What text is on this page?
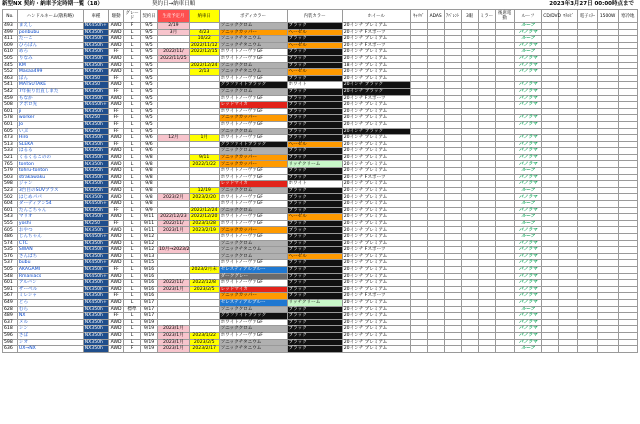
新型NX 契約・納車予定時期一覧（18）	契約日→納車日順	2023年3月27日 00:00時点まで
No.	ハンドルネーム(敬称略)	車種	駆動	グレード	契約日	生産予定月	納車日	ボディカラー	内装カラー	ホイール	ｷｬﾘﾊﾟ	ADAS	ｱﾊﾟﾚﾝﾄ	3眼	ミラー	後席電動	ルーフ	CD/DVD	ﾏﾗﾙﾋﾞ	電子ﾐﾗｰ	1500W	寒冷地
493	まえし	NX450h+	AWD	F	9/5	2/19		ソニッククロム	ブラック	20インチ プレミアム							ルーフ					
499	ponbubu	NX350h	AWD	L	9/5	3月	4/23	ソニックカッパー	ヘーゼル	20インチ Fスポーツ							パノラマ					
411	たーこ	NX350h	AWD	L	9/5		10/22	ソニックチタニウム	ブラック	20インチ プレミアム							ルーフ					
609	ひろぽん	NX350h	AWD	L	9/5		2022/11/12	ソニックチタニウム	ヘーゼル	20インチ Fスポーツ							パノラマ					
610	めろ	NX350h	FF	L	9/5	2022/11/	2022/12/15	ホワイトノーヴァGF	ブラック	20インチ プレミアム							ルーフ					
505	りなみ	NX350h	AWD	L	9/5	2022/11/25		ホワイトノーヴァGF	ブラック	20インチ プレミアム							パノラマ					
445	KM	NX350h	AWD	L	9/5		2022/12/24	ソニッククロム	ブラック	18インチ プレミアム							パノラマ					
552	Masaa499	NX350h	AWD	L	9/5		2/13	ソニックチタニウム	ヘーゼル	20インチ プレミアム							パノラマ					
463	ぼん	NX350	FF	L	9/5			ホワイトノーヴァGF	ブラック	20インチ プレミアム												
541	MATSUTAKE	NX350	AWD	L	9/5			グラファイトブラック	ホワイト	20インチ ブラック							パノラマ					
542	7年振り出直しまた	NX350h	FF	L	9/5			ソニッククロム	ブラック	20インチ ブラック							パノラマ					
459	もなか	NX350h	AWD	L	9/5			ホワイトノーヴァGF	ブラック	20インチ Fスポーツ							パノラマ					
508	アポロ先	NX450h+	AWD	L	9/5			レッドマイカ	ブラック	20インチ プレミアム							パノラマ					
601	ji	NX350h	FF	L	9/5			ホワイトノーヴァGF	ブラック	20インチ プレミアム												
578	worker	NX250	FF	L	9/5			ソニックカッパー	ブラック	20インチ プレミアム							パノラマ					
601	Jo	NX350h	FF	L	9/5			ホワイトノーヴァGF	ブラック	20インチ プレミアム							パノラマ					
605	いぶ	NX250	FF	L	9/5			ソニッククロム	ブラック	20インチ ブラック												
473	Hiro	NX350h	AWD	L	9/6	12月	1月	ホワイトノーヴァGF	ブラック	20インチ プレミアム							パノラマ					
513	SLEKA	NX350h	FF	L	9/6			グラファイトブラック	ヘーゼル	20インチ プレミアム							パノラマ					
533	はるる	NX350h	AWD	L	9/6			ソニッククロム	ブラック	20インチ プレミアム							パノラマ					
521	くるくるこのの	NX350h	AWD	L	9/8		9/11	ソニックカッパー	ブラック	20インチ プレミアム							パノラマ					
765	tonton	NX350h	AWD	L	9/8		2022/1/22	ソニックカッパー	リッチクリーム	20インチ プレミアム							パノラマ					
579	tohru-tonton	NX350h	AWD	L	9/8			ホワイトノーヴァGF	ブラック	20インチ プレミアム							ルーフ					
503	strakawaku	NX350h	AWD	L	9/8			ホワイトノーヴァGF	ブラック	20インチ Fスポーツ							パノラマ					
598	ジャン	NX350h	AWD	L	9/8			レッドマイカ	ホワイト	20インチ プレミアム							パノラマ					
523	3台目のSUVプラス	NX350h	AWD	L	9/8		12/19	ソニッククロム	ブラック	20インチ プレミアム							ルーフ					
502	はじめパパ	NX350h	AWD	L	9/8	2023/2月	2023/2/20	ホワイトノーヴァGF	ブラック	20インチ プレミアム							パノラマ					
604	ダーディアン54	NX450h+	AWD	L	9/8			ホワイトノーヴァGF	ブラック	20インチ プレミアム							ルーフ					
601	たんごちゃん	NX350h	FF	L	9/9		2022/12/24	ソニッククロム	ブラック	20インチ プレミアム							パノラマ					
543	マリオ	NX350h	AWD	L	9/11	2022/12/23	2022/12/20	ホワイトノーヴァGF	ヘーゼル	20インチ プレミアム							ルーフ					
555	yoshi	NX250	FF	L	9/11	2022/11/	2023/1/28	ホワイトノーヴァGF	ブラック	20インチ プレミアム							ルーフ					
605	おやつ	NX350h	AWD	L	9/11	2023/1月	2023/2/19	ソニックカッパー	ブラック	20インチ プレミアム							パノラマ					
486	じんちゃん	NX450h+	AWD	L	9/12			ホワイトノーヴァGF	ブラック	20インチ プレミアム							ルーフ					
574	CTC	NX350h	AWD	L	9/12			ソニッククロム	ブラック	20インチ プレミアム							パノラマ					
535	SWAN	NX350h	AWD	L	9/12	10月→2023/2		ソニックチタニウム	ブラック	20インチ Fスポーツ							パノラマ					
576	さんぱち	NX350h	AWD	L	9/13			ソニッククロム	ヘーゼル	20インチ プレミアム							パノラマ					
537	bubu	NX450h+	AWD	L	9/15			ホワイトノーヴァGF	ブラック	20インチ プレミアム							パノラマ					
505	AKAGAMI	NX350h	FF	L	9/16		2023/2月末	セレスティアルブルー	ブラック	20インチ プレミアム							パノラマ					
548	Rmaniacs	NX450h+	AWD	L	9/16			ダークグレー	ブラック	20インチ プレミアム							パノラマ					
601	アルバン	NX350h	AWD	L	9/16	2022/11/	2022/12/8	ホワイトノーヴァGF	ブラック	20インチ プレミアム							パノラマ					
591	ザーベル	NX350h	AWD	L	9/16	2023/1月	2023/2/5	レッドマイカ	ブラック	20インチ プレミアム							パノラマ					
567	ミレシャ	NX350h	FF	L	9/16			ソニックカッパー	ブラック	20インチ Fスポーツ							パノラマ					
649	どろ	NX450h+	AWD	L	9/17			セレスティアルブルー	リッチクリーム	20インチ プレミアム							パノラマ					
628	むら	NX350h	AWD	標準	9/17			ソニッククロム	ブラック	20インチ プレミアム							ルーフ					
489	NX	NX350h	FF	L	9/17			グラファイトブラック	ブラック	20インチ プレミアム							パノラマ					
637	メル	NX350h	AWD	L	9/19			ホワイトノーヴァGF	ブラック	20インチ プレミアム							パノラマ					
618	シン	NX350h	AWD	L	9/19	2023/1月		ソニッククロム	ブラック	20インチ プレミアム							パノラマ					
596	さぼ	NX350h	AWD	L	9/19	2023/1月	2023/1/22	ホワイトノーヴァGF	ブラック	20インチ プレミアム							パノラマ					
598	シオ	NX350h	AWD	L	9/19	2023/1月	2023/2/5	ソニックチタニウム	ブラック	20インチ プレミアム							パノラマ					
636	UX→NX	NX350h	AWD	F	9/19	2023/1月	2023/2/17	ソニックチタニウム	ブラック	20インチ プレミアム							ルーフ					
